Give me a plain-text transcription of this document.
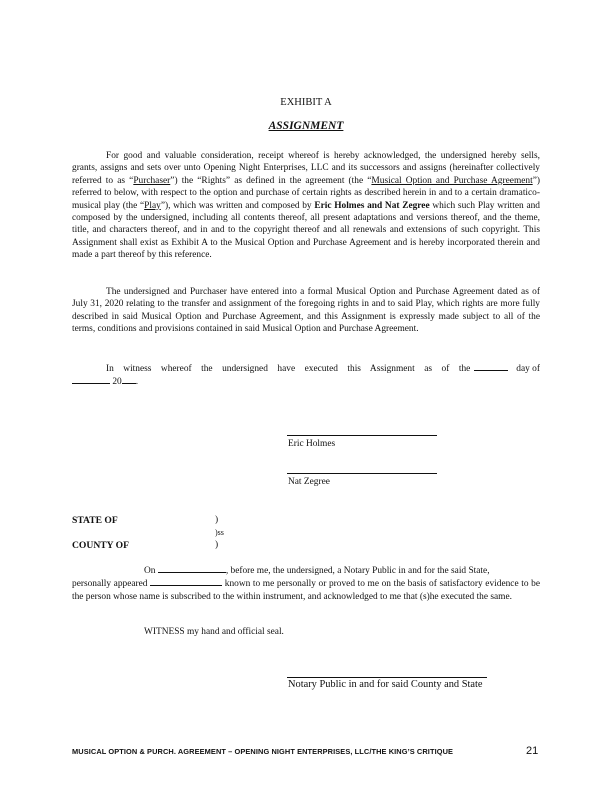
EXHIBIT A
ASSIGNMENT

For good and valuable consideration, receipt whereof is hereby acknowledged, the undersigned hereby sells, grants, assigns and sets over unto Opening Night Enterprises, LLC and its successors and assigns (hereinafter collectively referred to as “Purchaser”) the “Rights” as defined in the agreement (the “Musical Option and Purchase Agreement”) referred to below, with respect to the option and purchase of certain rights as described herein in and to a certain dramatico-musical play (the “Play”), which was written and composed by Eric Holmes and Nat Zegree which such Play written and composed by the undersigned, including all contents thereof, all present adaptations and versions thereof, and the theme, title, and characters thereof, and in and to the copyright thereof and all renewals and extensions of such copyright. This Assignment shall exist as Exhibit A to the Musical Option and Purchase Agreement and is hereby incorporated therein and made a part thereof by this reference.

The undersigned and Purchaser have entered into a formal Musical Option and Purchase Agreement dated as of July 31, 2020 relating to the transfer and assignment of the foregoing rights in and to said Play, which rights are more fully described in said Musical Option and Purchase Agreement, and this Assignment is expressly made subject to all of the terms, conditions and provisions contained in said Musical Option and Purchase Agreement.

In witness whereof the undersigned have executed this Assignment as of the	day of
20 .
Eric Holmes
Nat Zegree
STATE OF	)
)ss
COUNTY OF	)
On	, before me, the undersigned, a Notary Public in and for the said State,
personally appeared	known to me personally or proved to me on the basis of satisfactory evidence to be the person whose name is subscribed to the within instrument, and acknowledged to me that (s)he executed the same.
WITNESS my hand and official seal.
Notary Public in and for said County and State
MUSICAL OPTION & PURCH. AGREEMENT – OPENING NIGHT ENTERPRISES, LLC/THE KING’S CRITIQUE	21
